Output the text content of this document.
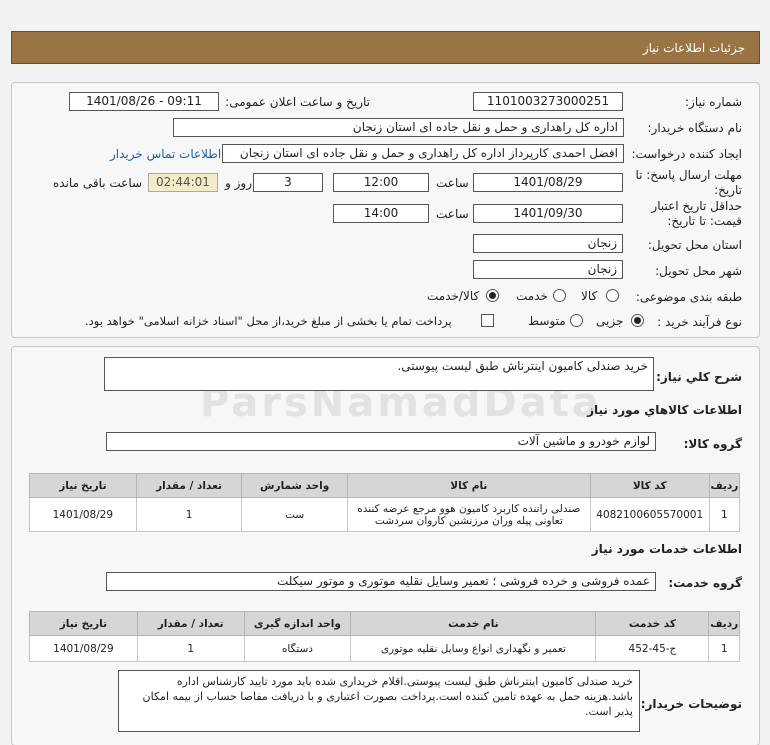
جزئیات اطلاعات نیاز
شماره نیاز:
1101003273000251
تاریخ و ساعت اعلان عمومی:
1401/08/26 - 09:11
نام دستگاه خریدار:
اداره کل راهداری و حمل و نقل جاده ای استان زنجان
ایجاد کننده درخواست:
افضل احمدی کارپرداز اداره کل راهداری و حمل و نقل جاده ای استان زنجان
اطلاعات تماس خریدار
مهلت ارسال پاسخ: تا
تاریخ:
1401/08/29
ساعت
12:00
3
روز و
02:44:01
ساعت باقی مانده
حداقل تاریخ اعتبار
قیمت: تا تاریخ:
1401/09/30
ساعت
14:00
استان محل تحویل:
زنجان
شهر محل تحویل:
زنجان
طبقه بندی موضوعی:
کالا
خدمت
کالا/خدمت
نوع فرآیند خرید :
جزیی
متوسط
پرداخت تمام یا بخشی از مبلغ خرید،از محل "اسناد خزانه اسلامی" خواهد بود.
شرح کلي نياز:
خرید صندلی کامیون اینترناش طبق لیست پیوستی.
اطلاعات کالاهاي مورد نياز
گروه کالا:
لوازم خودرو و ماشین آلات
ردیف	کد کالا	نام کالا	واحد شمارش	تعداد / مقدار	تاریخ نیاز
1	4082100605570001	صندلی راننده کاربرد کامیون هوو مرجع عرضه کننده تعاونی پیله وران مرزنشین کاروان سردشت	ست	1	1401/08/29
اطلاعات خدمات مورد نياز
گروه خدمت:
عمده فروشی و خرده فروشی ؛ تعمیر وسایل نقلیه موتوری و موتور سیکلت
ردیف	کد خدمت	نام خدمت	واحد اندازه گیری	تعداد / مقدار	تاریخ نیاز
1	ج-45-452	تعمیر و نگهداری انواع وسایل نقلیه موتوری	دستگاه	1	1401/08/29
توضیحات خریدار:
خرید صندلی کامیون اینترناش طبق لیست پیوستی.اقلام خریداری شده باید مورد تایید کارشناس اداره باشد.هزینه حمل به عهده تامین کننده است.پرداخت بصورت اعتباری و با دریافت مفاصا حساب از بیمه امکان پذیر است.
